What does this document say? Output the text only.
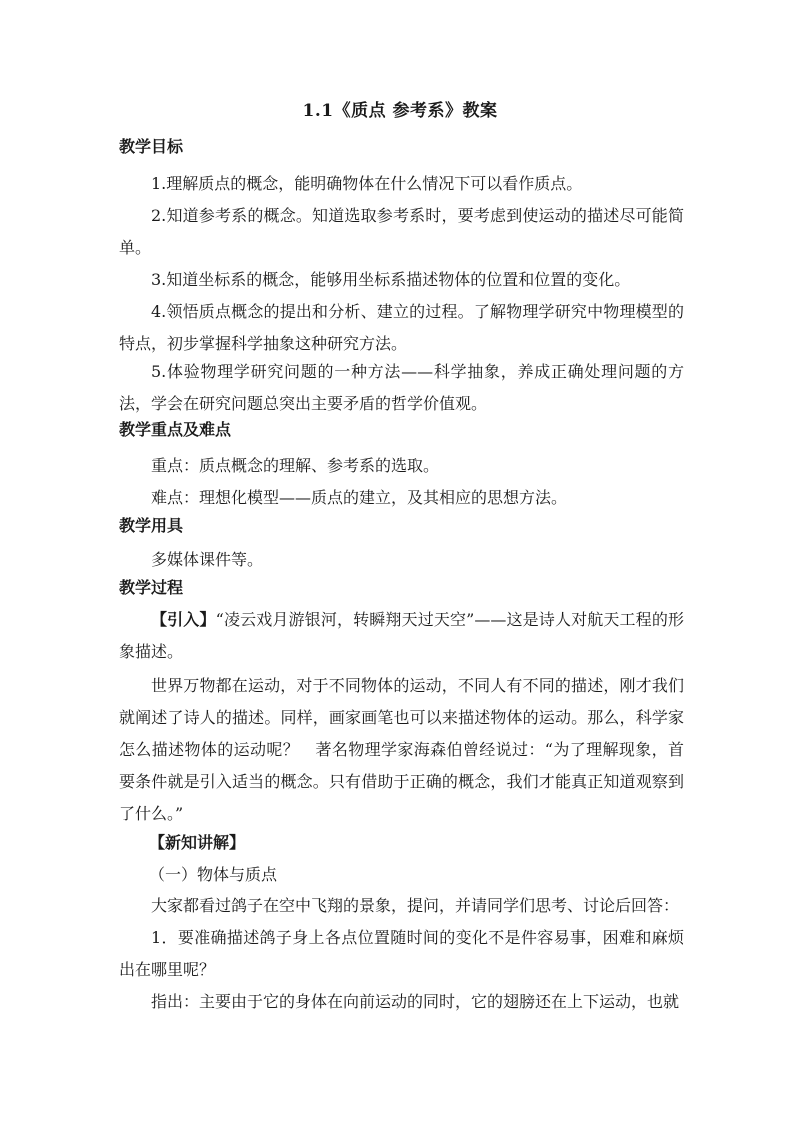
1.1《质点 参考系》教案
教学目标
1.理解质点的概念，能明确物体在什么情况下可以看作质点。
2.知道参考系的概念。知道选取参考系时，要考虑到使运动的描述尽可能简单。
3.知道坐标系的概念，能够用坐标系描述物体的位置和位置的变化。
4.领悟质点概念的提出和分析、建立的过程。了解物理学研究中物理模型的特点，初步掌握科学抽象这种研究方法。
5.体验物理学研究问题的一种方法——科学抽象，养成正确处理问题的方法，学会在研究问题总突出主要矛盾的哲学价值观。
教学重点及难点
重点：质点概念的理解、参考系的选取。
难点：理想化模型——质点的建立，及其相应的思想方法。
教学用具
多媒体课件等。
教学过程
【引入】“凌云戏月游银河，转瞬翔天过天空”——这是诗人对航天工程的形象描述。
世界万物都在运动，对于不同物体的运动，不同人有不同的描述，刚才我们就阐述了诗人的描述。同样，画家画笔也可以来描述物体的运动。那么，科学家怎么描述物体的运动呢？　著名物理学家海森伯曾经说过：“为了理解现象，首要条件就是引入适当的概念。只有借助于正确的概念，我们才能真正知道观察到了什么。”
【新知讲解】
（一）物体与质点
大家都看过鸽子在空中飞翔的景象，提问，并请同学们思考、讨论后回答：
1．要准确描述鸽子身上各点位置随时间的变化不是件容易事，困难和麻烦出在哪里呢？
指出：主要由于它的身体在向前运动的同时，它的翅膀还在上下运动，也就
